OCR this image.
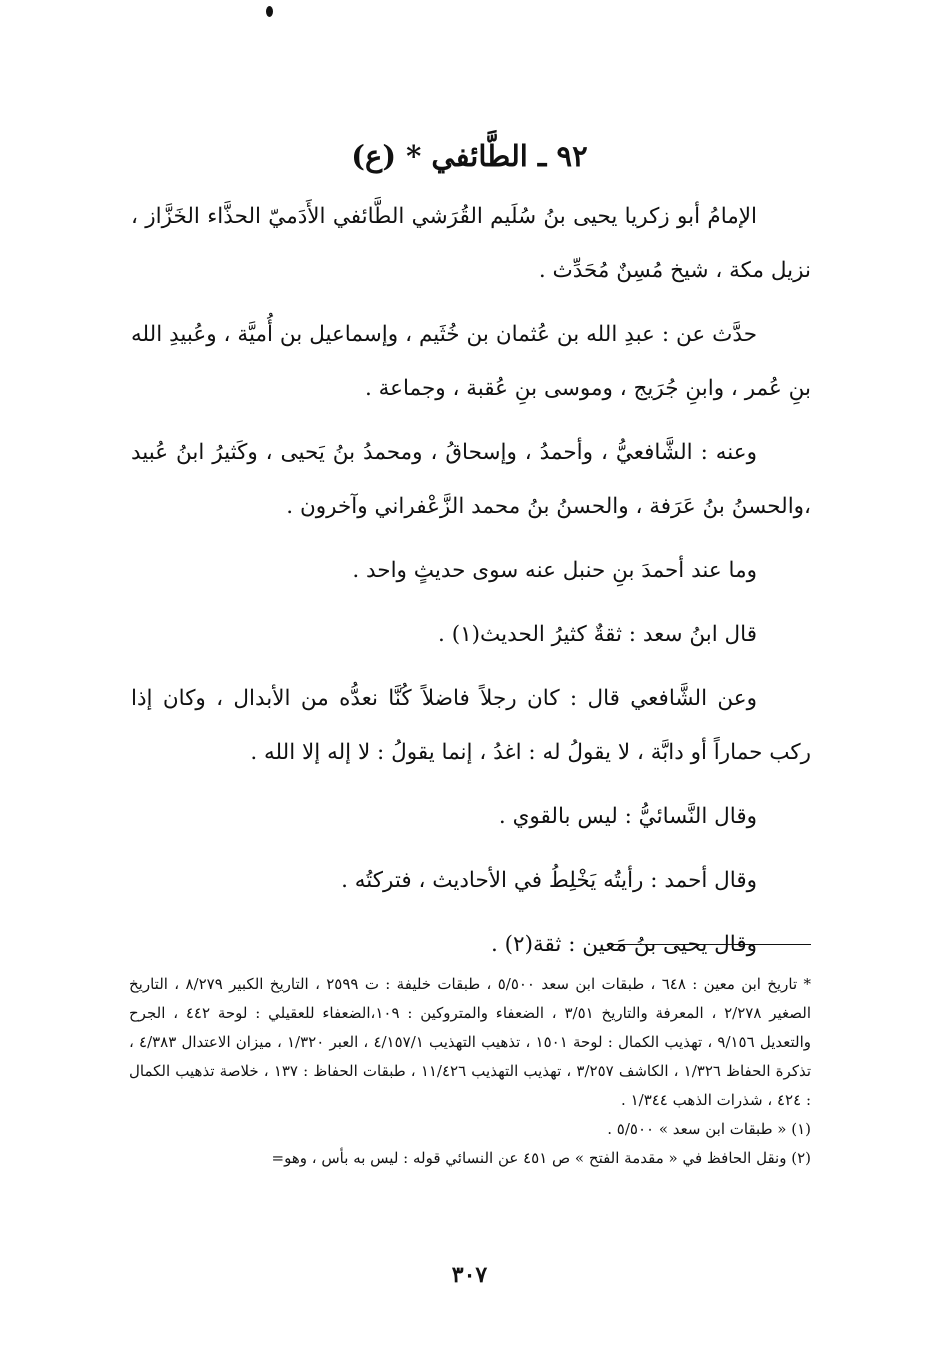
٩٢ ـ الطَّائفي * (ع)

الإمامُ أبو زكريا يحيى بنُ سُلَيم القُرَشي الطَّائفي الأَدَميّ الحذَّاء الخَزَّاز ، نزيل مكة ، شيخ مُسِنٌ مُحَدِّث .

حدَّث عن : عبدِ الله بن عُثمان بن خُثَيم ، وإسماعيل بن أُميَّة ، وعُبيدِ الله بنِ عُمر ، وابنِ جُرَيج ، وموسى بنِ عُقبة ، وجماعة .

وعنه : الشَّافعيُّ ، وأحمدُ ، وإسحاقُ ، ومحمدُ بنُ يَحيى ، وكَثيرُ ابنُ عُبيد ،والحسنُ بنُ عَرَفة ، والحسنُ بنُ محمد الزَّعْفراني وآخرون .

وما عند أحمدَ بنِ حنبل عنه سوى حديثٍ واحد .

قال ابنُ سعد : ثقةٌ كثيرُ الحديث(١) .

وعن الشَّافعي قال : كان رجلاً فاضلاً كُنَّا نعدُّه من الأبدال ، وكان إذا ركب حماراً أو دابَّة ، لا يقولُ له : اغدُ ، إنما يقولُ : لا إله إلا الله .

وقال النَّسائيُّ : ليس بالقوي .

وقال أحمد : رأيتُه يَخْلِطُ في الأحاديث ، فتركتُه .

وقال يحيى بنُ مَعين : ثقة(٢) .

* تاريخ ابن معين : ٦٤٨ ، طبقات ابن سعد ٥/٥٠٠ ، طبقات خليفة : ت ٢٥٩٩ ، التاريخ الكبير ٨/٢٧٩ ، التاريخ الصغير ٢/٢٧٨ ، المعرفة والتاريخ ٣/٥١ ، الضعفاء والمتروكين : ١٠٩،الضعفاء للعقيلي : لوحة ٤٤٢ ، الجرح والتعديل ٩/١٥٦ ، تهذيب الكمال : لوحة ١٥٠١ ، تذهيب التهذيب ٤/١٥٧/١ ، العبر ١/٣٢٠ ، ميزان الاعتدال ٤/٣٨٣ ، تذكرة الحفاظ ١/٣٢٦ ، الكاشف ٣/٢٥٧ ، تهذيب التهذيب ١١/٤٢٦ ، طبقات الحفاظ : ١٣٧ ، خلاصة تذهيب الكمال : ٤٢٤ ، شذرات الذهب ١/٣٤٤ .

(١) « طبقات ابن سعد » ٥/٥٠٠ .

(٢) ونقل الحافظ في « مقدمة الفتح » ص ٤٥١ عن النسائي قوله : ليس به بأس ، وهو=

٣٠٧
